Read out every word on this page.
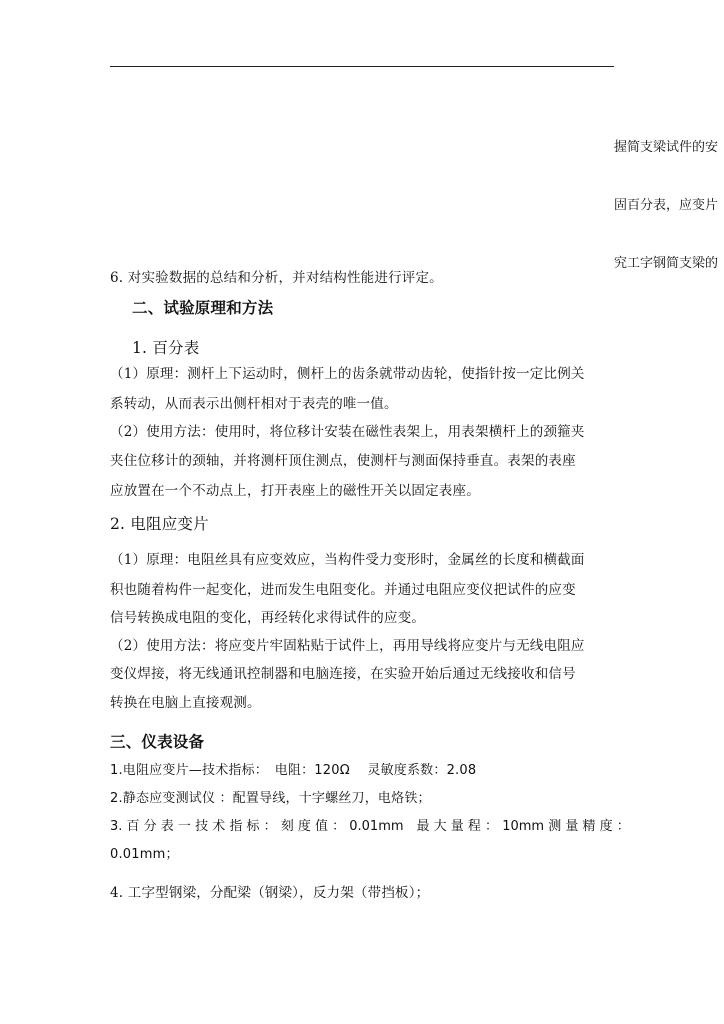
握简支梁试件的安
固百分表，应变片
究工字钢简支梁的
6. 对实验数据的总结和分析，并对结构性能进行评定。
二、试验原理和方法
1. 百分表
（1）原理：测杆上下运动时，侧杆上的齿条就带动齿轮，使指针按一定比例关
系转动，从而表示出侧杆相对于表壳的唯一值。
（2）使用方法：使用时，将位移计安装在磁性表架上，用表架横杆上的颈箍夹
夹住位移计的颈轴，并将测杆顶住测点，使测杆与测面保持垂直。表架的表座
应放置在一个不动点上，打开表座上的磁性开关以固定表座。
2. 电阻应变片
（1）原理：电阻丝具有应变效应，当构件受力变形时，金属丝的长度和横截面
积也随着构件一起变化，进而发生电阻变化。并通过电阻应变仪把试件的应变
信号转换成电阻的变化，再经转化求得试件的应变。
（2）使用方法：将应变片牢固粘贴于试件上，再用导线将应变片与无线电阻应
变仪焊接，将无线通讯控制器和电脑连接，在实验开始后通过无线接收和信号
转换在电脑上直接观测。
三、仪表设备
1.电阻应变片—技术指标：　电阻：120Ω　 灵敏度系数：2.08
2.静态应变测试仪 ：配置导线，十字螺丝刀，电烙铁；
3. 百 分 表 一 技 术 指 标 ： 刻 度 值 ： 0.01mm　最 大 量 程 ： 10mm 测 量 精 度 ：
0.01mm；
4. 工字型钢梁，分配梁（钢梁），反力架（带挡板）；
